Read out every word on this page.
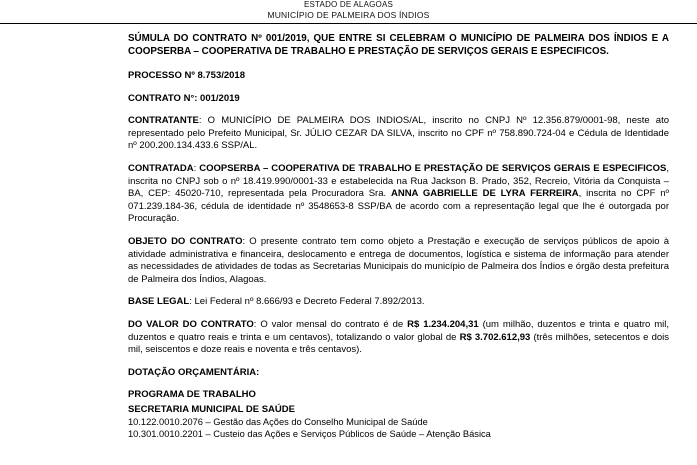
ESTADO DE ALAGOAS
MUNICÍPIO DE PALMEIRA DOS ÍNDIOS
SÚMULA DO CONTRATO Nº 001/2019, QUE ENTRE SI CELEBRAM O MUNICÍPIO DE PALMEIRA DOS ÍNDIOS E A COOPSERBA – COOPERATIVA DE TRABALHO E PRESTAÇÃO DE SERVIÇOS GERAIS E ESPECIFICOS.

PROCESSO Nº 8.753/2018

CONTRATO N°: 001/2019

CONTRATANTE: O MUNICÍPIO DE PALMEIRA DOS INDIOS/AL, inscrito no CNPJ Nº 12.356.879/0001-98, neste ato representado pelo Prefeito Municipal, Sr. JÚLIO CEZAR DA SILVA, inscrito no CPF nº 758.890.724-04 e Cédula de Identidade nº 200.200.134.433.6 SSP/AL.

CONTRATADA: COOPSERBA – COOPERATIVA DE TRABALHO E PRESTAÇÃO DE SERVIÇOS GERAIS E ESPECIFICOS, inscrita no CNPJ sob o nº 18.419.990/0001-33 e estabelecida na Rua Jackson B. Prado, 352, Recreio, Vitória da Conquista – BA, CEP: 45020-710, representada pela Procuradora Sra. ANNA GABRIELLE DE LYRA FERREIRA, inscrita no CPF nº 071.239.184-36, cédula de identidade nº 3548653-8 SSP/BA de acordo com a representação legal que lhe é outorgada por Procuração.

OBJETO DO CONTRATO: O presente contrato tem como objeto a Prestação e execução de serviços públicos de apoio à atividade administrativa e financeira, deslocamento e entrega de documentos, logística e sistema de informação para atender as necessidades de atividades de todas as Secretarias Municipais do município de Palmeira dos Índios e órgão desta prefeitura de Palmeira dos Índios, Alagoas.

BASE LEGAL: Lei Federal nº 8.666/93 e Decreto Federal 7.892/2013.

DO VALOR DO CONTRATO: O valor mensal do contrato é de R$ 1.234.204,31 (um milhão, duzentos e trinta e quatro mil, duzentos e quatro reais e trinta e um centavos), totalizando o valor global de R$ 3.702.612,93 (três milhões, setecentos e dois mil, seiscentos e doze reais e noventa e três centavos).

DOTAÇÃO ORÇAMENTÁRIA:

PROGRAMA DE TRABALHO

SECRETARIA MUNICIPAL DE SAÚDE

10.122.0010.2076 – Gestão das Ações do Conselho Municipal de Saúde

10.301.0010.2201 – Custeio das Ações e Serviços Públicos de Saúde – Atenção Básica
